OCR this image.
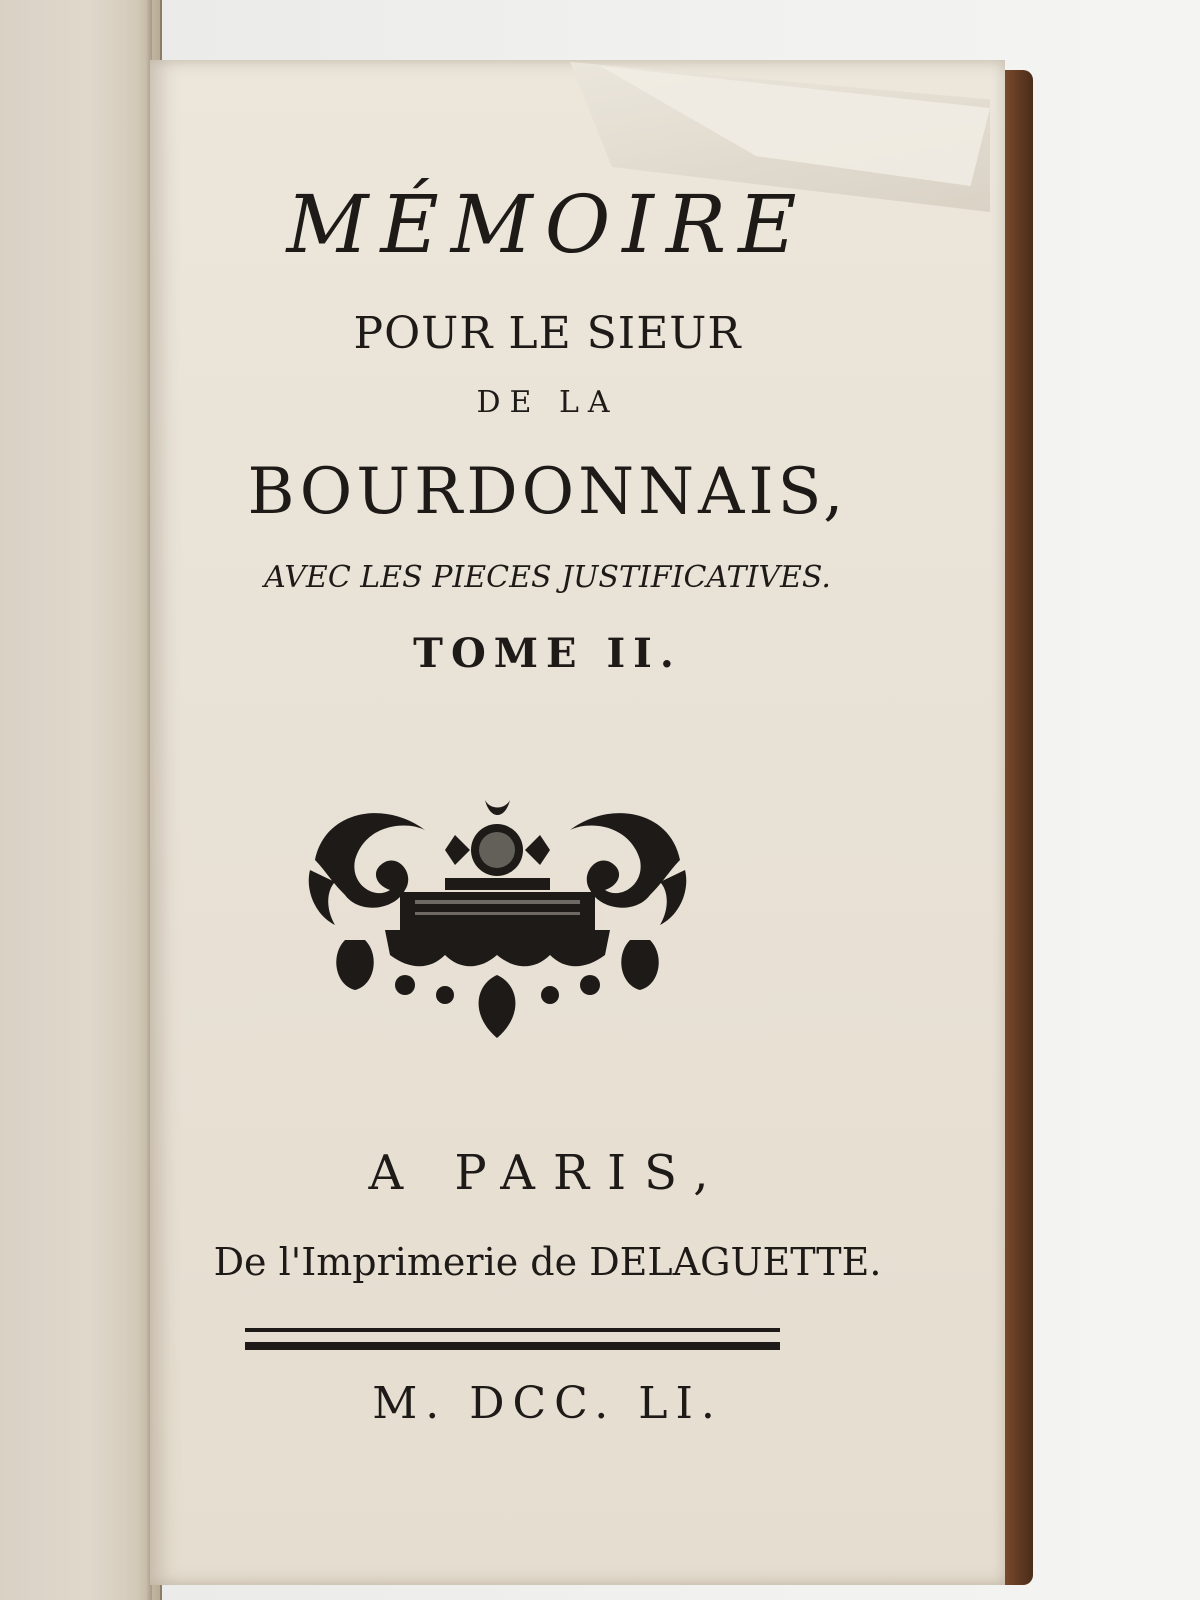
MÉMOIRE
POUR LE SIEUR
DE LA
BOURDONNAIS,
AVEC LES PIECES JUSTIFICATIVES.
TOME II.
A PARIS,
De l'Imprimerie de DELAGUETTE.
M. DCC. LI.
